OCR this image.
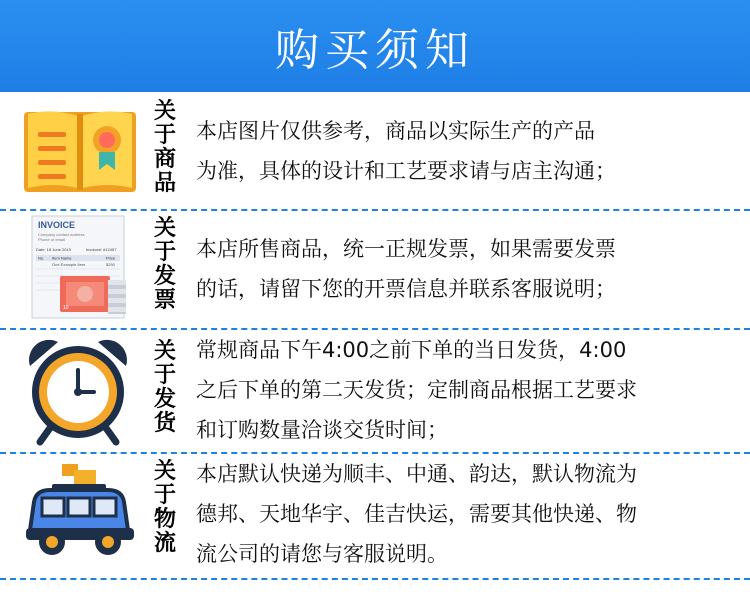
购买须知
关
于
商
品

本店图片仅供参考，商品以实际生产的产品

为准，具体的设计和工艺要求请与店主沟通；

INVOICE
Company contact address
Phone or email
Date: 18 June 2019	Invoice#: #12457
No. Item Name	Price
One Example Item	$250
10
关
于
发
票

本店所售商品，统一正规发票，如果需要发票

的话，请留下您的开票信息并联系客服说明；

关
于
发
货

常规商品下午4:00之前下单的当日发货，4:00

之后下单的第二天发货；定制商品根据工艺要求

和订购数量洽谈交货时间；

关
于
物
流

本店默认快递为顺丰、中通、韵达，默认物流为

德邦、天地华宇、佳吉快运，需要其他快递、物

流公司的请您与客服说明。
